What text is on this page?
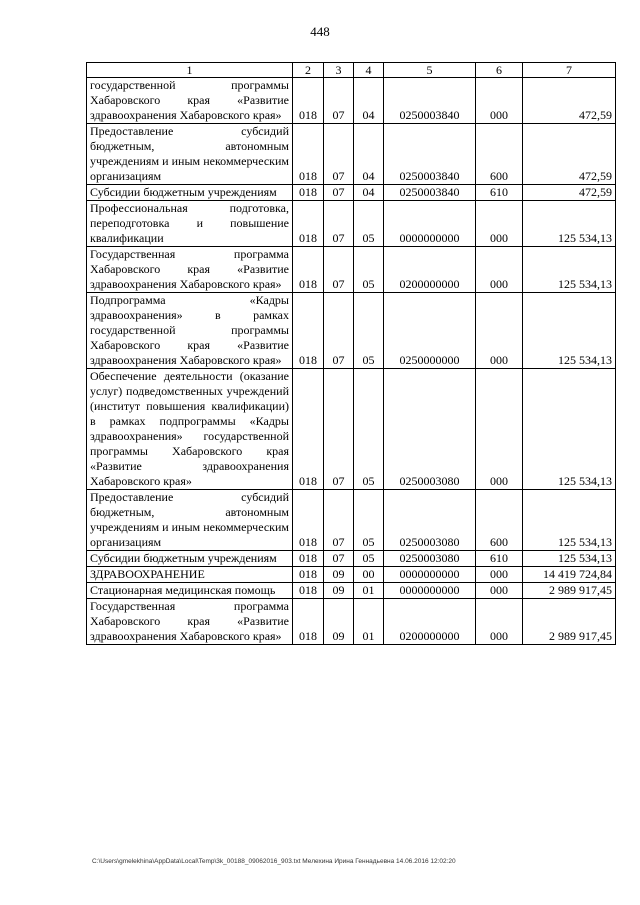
448
1	2	3	4	5	6	7
государственной программы Хабаровского края «Развитие здравоохранения Хабаровского края»	018	07	04	0250003840	000	472,59
Предоставление субсидий бюджетным, автономным учреждениям и иным некоммерческим организациям	018	07	04	0250003840	600	472,59
Субсидии бюджетным учреждениям	018	07	04	0250003840	610	472,59
Профессиональная подготовка, переподготовка и повышение квалификации	018	07	05	0000000000	000	125 534,13
Государственная программа Хабаровского края «Развитие здравоохранения Хабаровского края»	018	07	05	0200000000	000	125 534,13
Подпрограмма «Кадры здравоохранения» в рамках государственной программы Хабаровского края «Развитие здравоохранения Хабаровского края»	018	07	05	0250000000	000	125 534,13
Обеспечение деятельности (оказание услуг) подведомственных учреждений (институт повышения квалификации) в рамках подпрограммы «Кадры здравоохранения» государственной программы Хабаровского края «Развитие здравоохранения Хабаровского края»	018	07	05	0250003080	000	125 534,13
Предоставление субсидий бюджетным, автономным учреждениям и иным некоммерческим организациям	018	07	05	0250003080	600	125 534,13
Субсидии бюджетным учреждениям	018	07	05	0250003080	610	125 534,13
ЗДРАВООХРАНЕНИЕ	018	09	00	0000000000	000	14 419 724,84
Стационарная медицинская помощь	018	09	01	0000000000	000	2 989 917,45
Государственная программа Хабаровского края «Развитие здравоохранения Хабаровского края»	018	09	01	0200000000	000	2 989 917,45
C:\Users\gmelekhina\AppData\Local\Temp\3k_00188_09062016_903.txt Мелехина Ирина Геннадьевна 14.06.2016 12:02:20
